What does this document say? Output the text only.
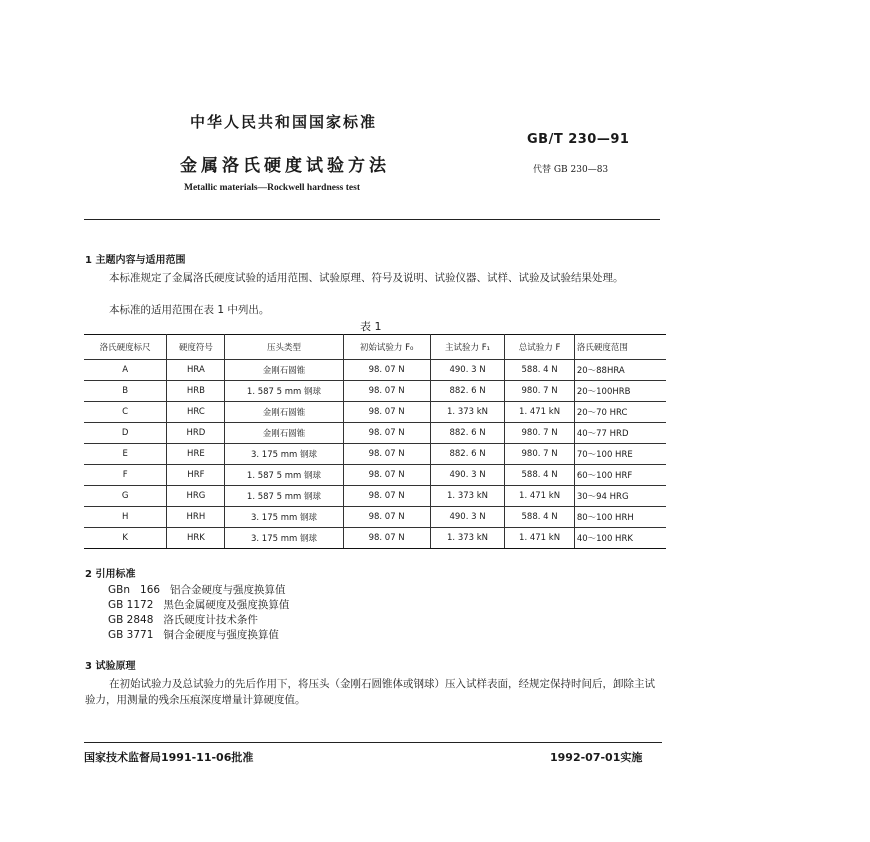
中华人民共和国国家标准
GB/T 230—91
金属洛氏硬度试验方法	代替 GB 230—83
Metallic materials—Rockwell hardness test
1 主题内容与适用范围
本标准规定了金属洛氏硬度试验的适用范围、试验原理、符号及说明、试验仪器、试样、试验及试验结果处理。
本标准的适用范围在表 1 中列出。
表 1
洛氏硬度标尺	硬度符号	压头类型	初始试验力 F₀	主试验力 F₁	总试验力 F	洛氏硬度范围
A	HRA	金刚石圆锥	98. 07 N	490. 3 N	588. 4 N	20～88HRA
B	HRB	1. 587 5 mm 钢球	98. 07 N	882. 6 N	980. 7 N	20～100HRB
C	HRC	金刚石圆锥	98. 07 N	1. 373 kN	1. 471 kN	20～70 HRC
D	HRD	金刚石圆锥	98. 07 N	882. 6 N	980. 7 N	40～77 HRD
E	HRE	3. 175 mm 钢球	98. 07 N	882. 6 N	980. 7 N	70～100 HRE
F	HRF	1. 587 5 mm 钢球	98. 07 N	490. 3 N	588. 4 N	60～100 HRF
G	HRG	1. 587 5 mm 钢球	98. 07 N	1. 373 kN	1. 471 kN	30～94 HRG
H	HRH	3. 175 mm 钢球	98. 07 N	490. 3 N	588. 4 N	80～100 HRH
K	HRK	3. 175 mm 钢球	98. 07 N	1. 373 kN	1. 471 kN	40～100 HRK
2 引用标准
GBn   166   铝合金硬度与强度换算值
GB 1172   黑色金属硬度及强度换算值
GB 2848   洛氏硬度计技术条件
GB 3771   铜合金硬度与强度换算值
3 试验原理
在初始试验力及总试验力的先后作用下，将压头（金刚石圆锥体或钢球）压入试样表面，经规定保持时间后，卸除主试验力，用测量的残余压痕深度增量计算硬度值。
国家技术监督局1991-11-06批准	1992-07-01实施
